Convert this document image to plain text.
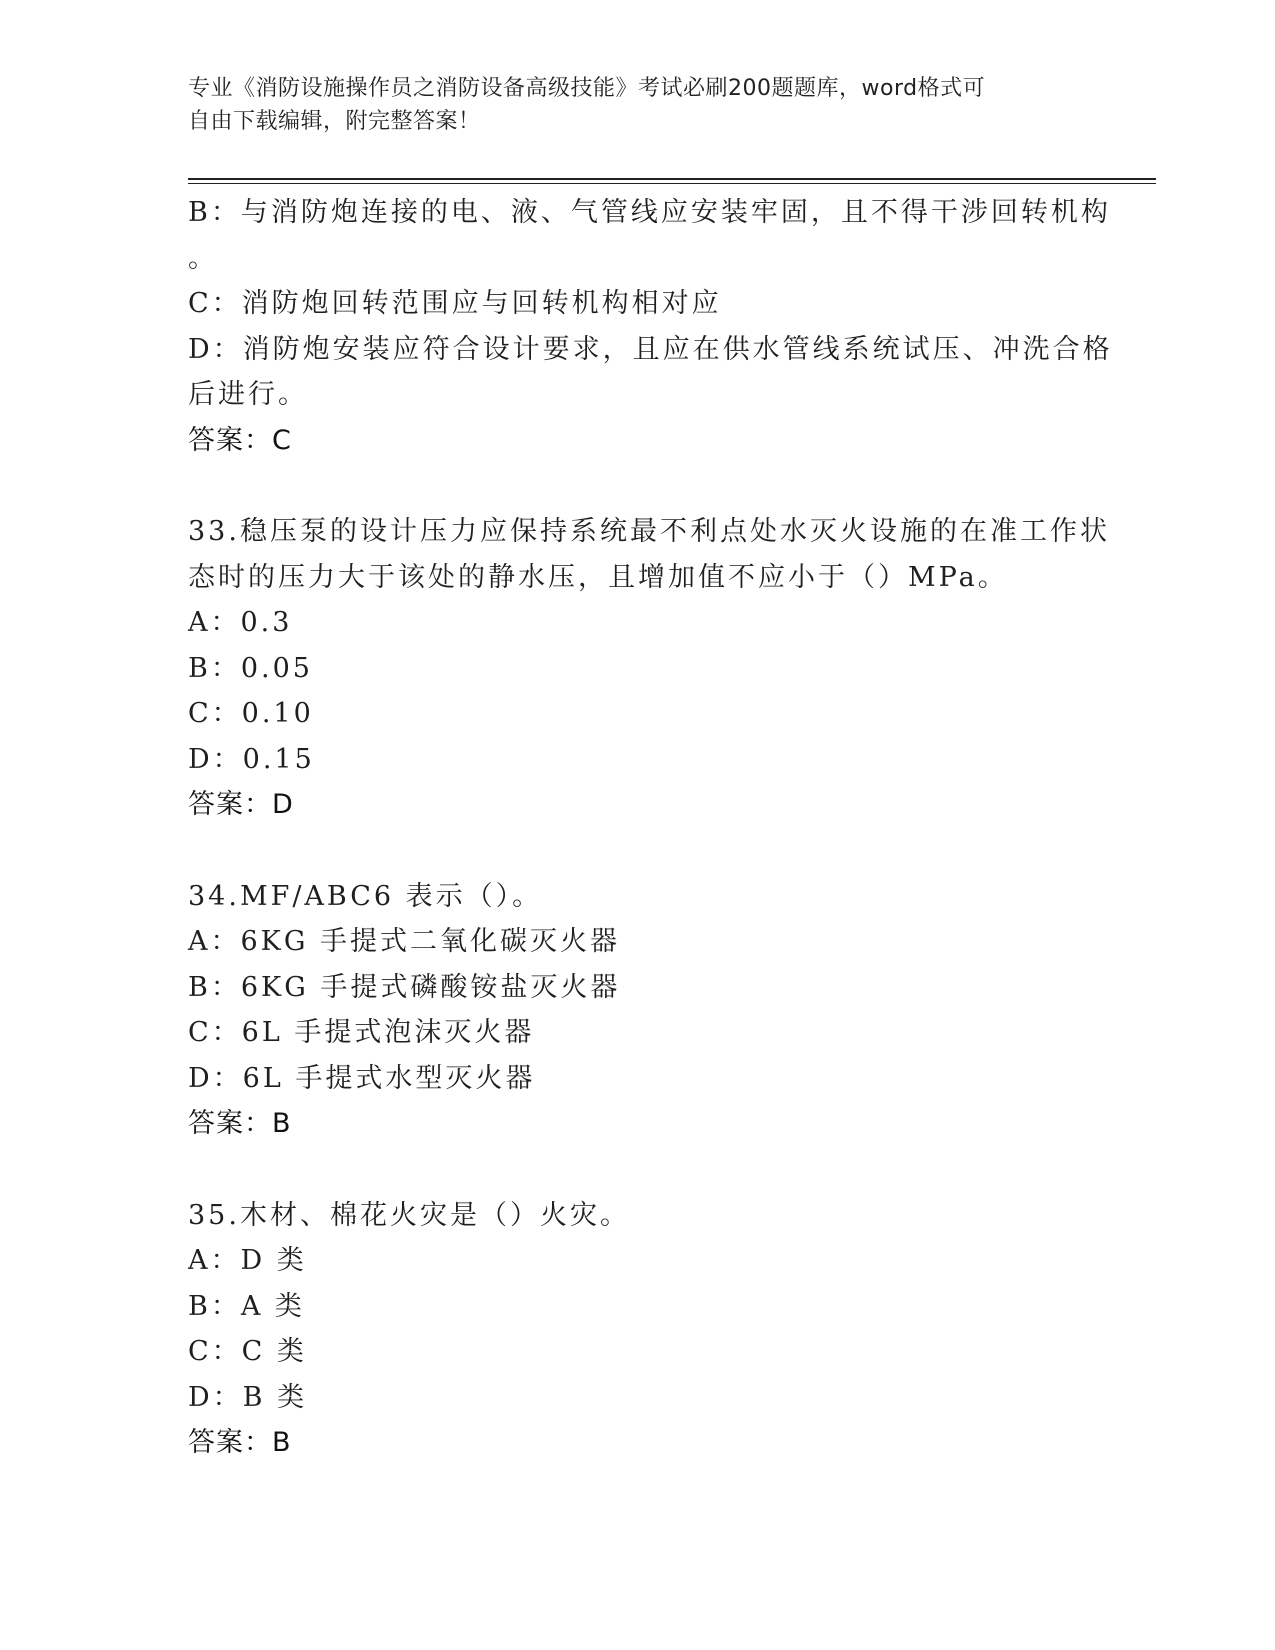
专业《消防设施操作员之消防设备高级技能》考试必刷200题题库，word格式可
自由下载编辑，附完整答案！
B：与消防炮连接的电、液、气管线应安装牢固，且不得干涉回转机构
。
C：消防炮回转范围应与回转机构相对应
D：消防炮安装应符合设计要求，且应在供水管线系统试压、冲洗合格
后进行。
答案：C
33.稳压泵的设计压力应保持系统最不利点处水灭火设施的在准工作状
态时的压力大于该处的静水压，且增加值不应小于（）MPa。
A：0.3
B：0.05
C：0.10
D：0.15
答案：D
34.MF/ABC6 表示（）。
A：6KG 手提式二氧化碳灭火器
B：6KG 手提式磷酸铵盐灭火器
C：6L 手提式泡沫灭火器
D：6L 手提式水型灭火器
答案：B
35.木材、棉花火灾是（）火灾。
A：D 类
B：A 类
C：C 类
D：B 类
答案：B
